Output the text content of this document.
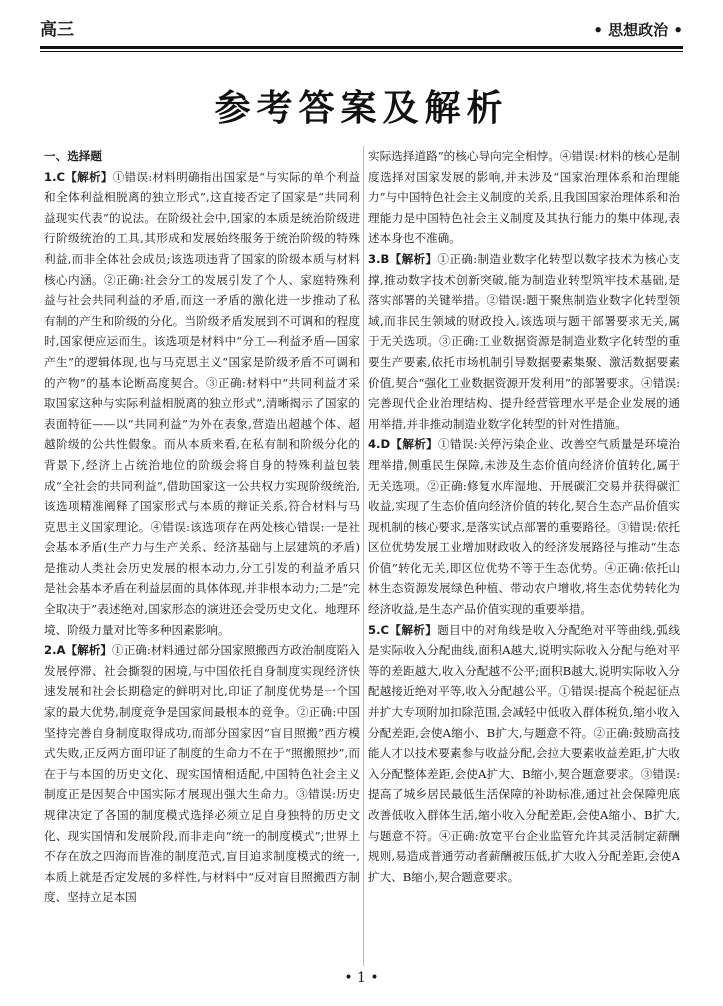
高三	• 思想政治 •
参考答案及解析
一、选择题

1.C【解析】①错误:材料明确指出国家是“与实际的单个利益和全体利益相脱离的独立形式”,这直接否定了国家是“共同利益现实代表”的说法。在阶级社会中,国家的本质是统治阶级进行阶级统治的工具,其形成和发展始终服务于统治阶级的特殊利益,而非全体社会成员;该选项违背了国家的阶级本质与材料核心内涵。②正确:社会分工的发展引发了个人、家庭特殊利益与社会共同利益的矛盾,而这一矛盾的激化进一步推动了私有制的产生和阶级的分化。当阶级矛盾发展到不可调和的程度时,国家便应运而生。该选项是材料中“分工—利益矛盾—国家产生”的逻辑体现,也与马克思主义“国家是阶级矛盾不可调和的产物”的基本论断高度契合。③正确:材料中“共同利益才采取国家这种与实际利益相脱离的独立形式”,清晰揭示了国家的表面特征——以“共同利益”为外在表象,营造出超越个体、超越阶级的公共性假象。而从本质来看,在私有制和阶级分化的背景下,经济上占统治地位的阶级会将自身的特殊利益包装成“全社会的共同利益”,借助国家这一公共权力实现阶级统治,该选项精准阐释了国家形式与本质的辩证关系,符合材料与马克思主义国家理论。④错误:该选项存在两处核心错误:一是社会基本矛盾(生产力与生产关系、经济基础与上层建筑的矛盾)是推动人类社会历史发展的根本动力,分工引发的利益矛盾只是社会基本矛盾在利益层面的具体体现,并非根本动力;二是“完全取决于”表述绝对,国家形态的演进还会受历史文化、地理环境、阶级力量对比等多种因素影响。

2.A【解析】①正确:材料通过部分国家照搬西方政治制度陷入发展停滞、社会撕裂的困境,与中国依托自身制度实现经济快速发展和社会长期稳定的鲜明对比,印证了制度优势是一个国家的最大优势,制度竞争是国家间最根本的竞争。②正确:中国坚持完善自身制度取得成功,而部分国家因“盲目照搬”西方模式失败,正反两方面印证了制度的生命力不在于“照搬照抄”,而在于与本国的历史文化、现实国情相适配,中国特色社会主义制度正是因契合中国实际才展现出强大生命力。③错误:历史规律决定了各国的制度模式选择必须立足自身独特的历史文化、现实国情和发展阶段,而非走向“统一的制度模式”;世界上不存在放之四海而皆准的制度范式,盲目追求制度模式的统一,本质上就是否定发展的多样性,与材料中“反对盲目照搬西方制度、坚持立足本国

实际选择道路”的核心导向完全相悖。④错误:材料的核心是制度选择对国家发展的影响,并未涉及“国家治理体系和治理能力”与中国特色社会主义制度的关系,且我国国家治理体系和治理能力是中国特色社会主义制度及其执行能力的集中体现,表述本身也不准确。

3.B【解析】①正确:制造业数字化转型以数字技术为核心支撑,推动数字技术创新突破,能为制造业转型筑牢技术基础,是落实部署的关键举措。②错误:题干聚焦制造业数字化转型领域,而非民生领域的财政投入,该选项与题干部署要求无关,属于无关选项。③正确:工业数据资源是制造业数字化转型的重要生产要素,依托市场机制引导数据要素集聚、激活数据要素价值,契合“强化工业数据资源开发利用”的部署要求。④错误:完善现代企业治理结构、提升经营管理水平是企业发展的通用举措,并非推动制造业数字化转型的针对性措施。

4.D【解析】①错误:关停污染企业、改善空气质量是环境治理举措,侧重民生保障,未涉及生态价值向经济价值转化,属于无关选项。②正确:修复水库湿地、开展碳汇交易并获得碳汇收益,实现了生态价值向经济价值的转化,契合生态产品价值实现机制的核心要求,是落实试点部署的重要路径。③错误:依托区位优势发展工业增加财政收入的经济发展路径与推动“生态价值”转化无关,即区位优势不等于生态优势。④正确:依托山林生态资源发展绿色种植、带动农户增收,将生态优势转化为经济收益,是生态产品价值实现的重要举措。

5.C【解析】题目中的对角线是收入分配绝对平等曲线,弧线是实际收入分配曲线,面积A越大,说明实际收入分配与绝对平等的差距越大,收入分配越不公平;面积B越大,说明实际收入分配越接近绝对平等,收入分配越公平。①错误:提高个税起征点并扩大专项附加扣除范围,会减轻中低收入群体税负,缩小收入分配差距,会使A缩小、B扩大,与题意不符。②正确:鼓励高技能人才以技术要素参与收益分配,会拉大要素收益差距,扩大收入分配整体差距,会使A扩大、B缩小,契合题意要求。③错误:提高了城乡居民最低生活保障的补助标准,通过社会保障兜底改善低收入群体生活,缩小收入分配差距,会使A缩小、B扩大,与题意不符。④正确:放宽平台企业监管允许其灵活制定薪酬规则,易造成普通劳动者薪酬被压低,扩大收入分配差距,会使A扩大、B缩小,契合题意要求。

• 1 •
